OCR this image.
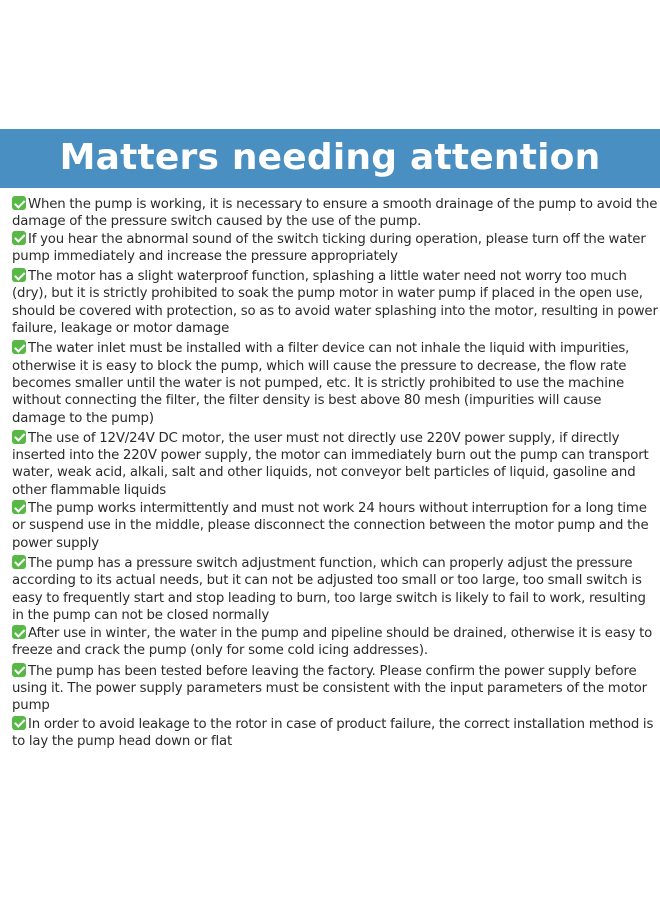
Matters needing attention
When the pump is working, it is necessary to ensure a smooth drainage of the pump to avoid the damage of the pressure switch caused by the use of the pump.
If you hear the abnormal sound of the switch ticking during operation, please turn off the water pump immediately and increase the pressure appropriately
The motor has a slight waterproof function, splashing a little water need not worry too much (dry), but it is strictly prohibited to soak the pump motor in water pump if placed in the open use, should be covered with protection, so as to avoid water splashing into the motor, resulting in power failure, leakage or motor damage
The water inlet must be installed with a filter device can not inhale the liquid with impurities, otherwise it is easy to block the pump, which will cause the pressure to decrease, the flow rate becomes smaller until the water is not pumped, etc. It is strictly prohibited to use the machine without connecting the filter, the filter density is best above 80 mesh (impurities will cause damage to the pump)
The use of 12V/24V DC motor, the user must not directly use 220V power supply, if directly inserted into the 220V power supply, the motor can immediately burn out the pump can transport water, weak acid, alkali, salt and other liquids, not conveyor belt particles of liquid, gasoline and other flammable liquids
The pump works intermittently and must not work 24 hours without interruption for a long time or suspend use in the middle, please disconnect the connection between the motor pump and the power supply
The pump has a pressure switch adjustment function, which can properly adjust the pressure according to its actual needs, but it can not be adjusted too small or too large, too small switch is easy to frequently start and stop leading to burn, too large switch is likely to fail to work, resulting in the pump can not be closed normally
After use in winter, the water in the pump and pipeline should be drained, otherwise it is easy to freeze and crack the pump (only for some cold icing addresses).
The pump has been tested before leaving the factory. Please confirm the power supply before using it. The power supply parameters must be consistent with the input parameters of the motor pump
In order to avoid leakage to the rotor in case of product failure, the correct installation method is to lay the pump head down or flat
